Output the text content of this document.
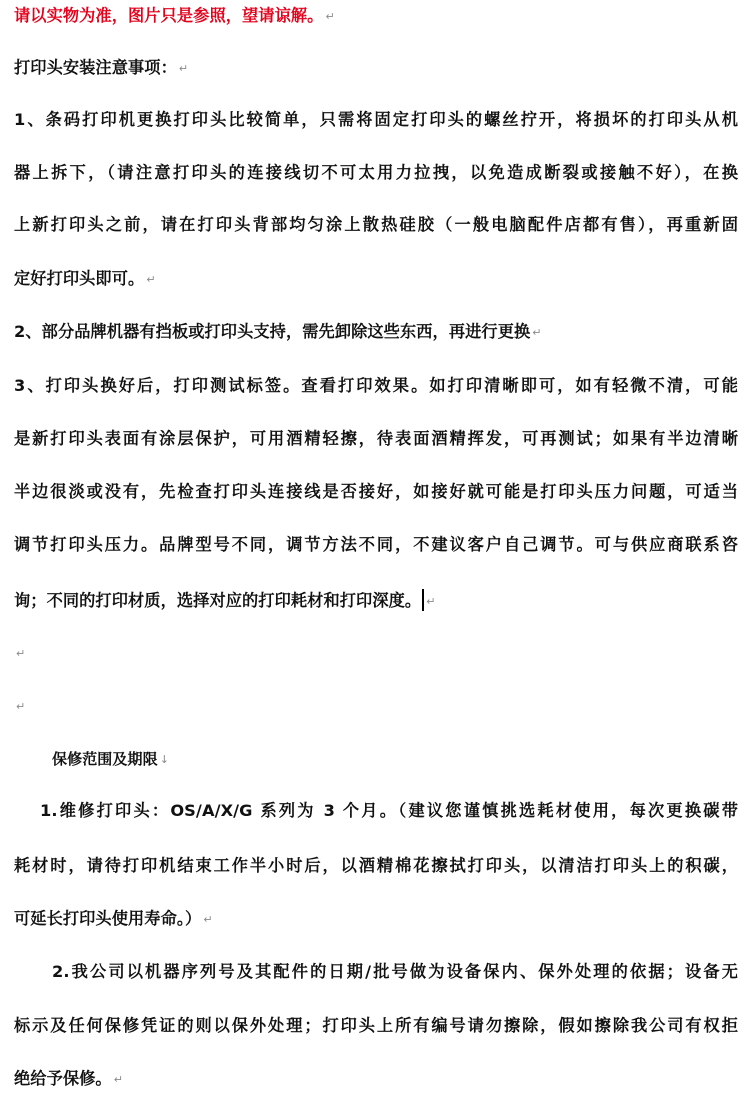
请以实物为准，图片只是参照，望请谅解。 ↵
打印头安装注意事项： ↵
1、条码打印机更换打印头比较简单，只需将固定打印头的螺丝拧开，将损坏的打印头从机
器上拆下，（请注意打印头的连接线切不可太用力拉拽，以免造成断裂或接触不好），在换
上新打印头之前，请在打印头背部均匀涂上散热硅胶（一般电脑配件店都有售），再重新固
定好打印头即可。 ↵
2、部分品牌机器有挡板或打印头支持，需先卸除这些东西，再进行更换 ↵
3、打印头换好后，打印测试标签。查看打印效果。如打印清晰即可，如有轻微不清，可能
是新打印头表面有涂层保护，可用酒精轻擦，待表面酒精挥发，可再测试；如果有半边清晰
半边很淡或没有，先检查打印头连接线是否接好，如接好就可能是打印头压力问题，可适当
调节打印头压力。品牌型号不同，调节方法不同，不建议客户自己调节。可与供应商联系咨
询；不同的打印材质，选择对应的打印耗材和打印深度。 ↵
↵
↵
保修范围及期限 ↓
1.维修打印头：OS/A/X/G 系列为 3 个月。（建议您谨慎挑选耗材使用，每次更换碳带
耗材时，请待打印机结束工作半小时后，以酒精棉花擦拭打印头，以清洁打印头上的积碳，
可延长打印头使用寿命。） ↵
2.我公司以机器序列号及其配件的日期/批号做为设备保内、保外处理的依据；设备无
标示及任何保修凭证的则以保外处理；打印头上所有编号请勿擦除，假如擦除我公司有权拒
绝给予保修。 ↵
